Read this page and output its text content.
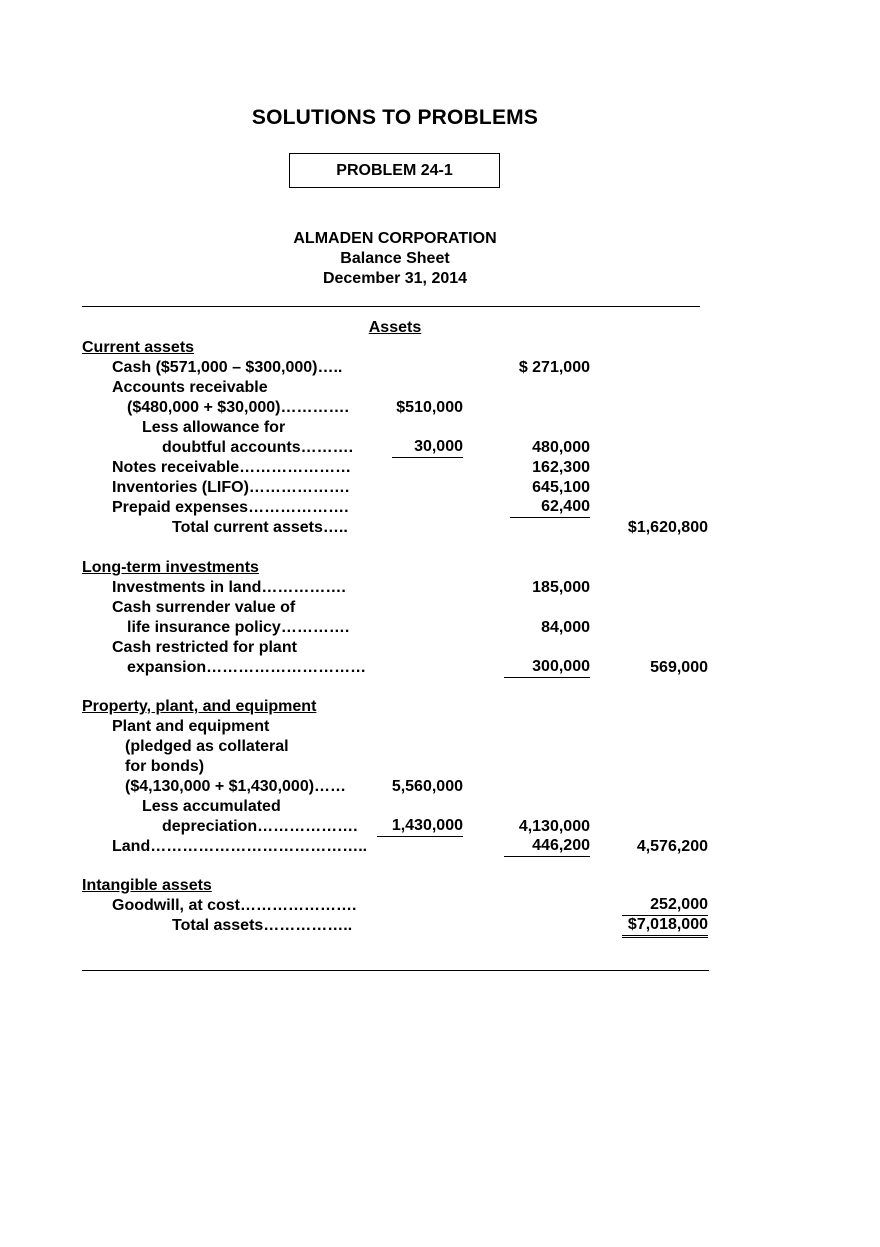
SOLUTIONS TO PROBLEMS
PROBLEM 24-1
ALMADEN CORPORATION
Balance Sheet
December 31, 2014
Assets
Current assets
Cash ($571,000 – $300,000)…..	$ 271,000
Accounts receivable
($480,000 + $30,000)………….	$510,000
Less allowance for
doubtful accounts……….	30,000	480,000
Notes receivable…………………	162,300
Inventories (LIFO)……………….	645,100
Prepaid expenses……………….	62,400
Total current assets…..	$1,620,800
Long-term investments
Investments in land…………….	185,000
Cash surrender value of
life insurance policy………….	84,000
Cash restricted for plant
expansion…………………………	300,000	569,000
Property, plant, and equipment
Plant and equipment
(pledged as collateral
for bonds)
($4,130,000 + $1,430,000)……	5,560,000
Less accumulated
depreciation……………….	1,430,000	4,130,000
Land…………………………………..	446,200	4,576,200
Intangible assets
Goodwill, at cost………………….	252,000
Total assets……………..	$7,018,000
